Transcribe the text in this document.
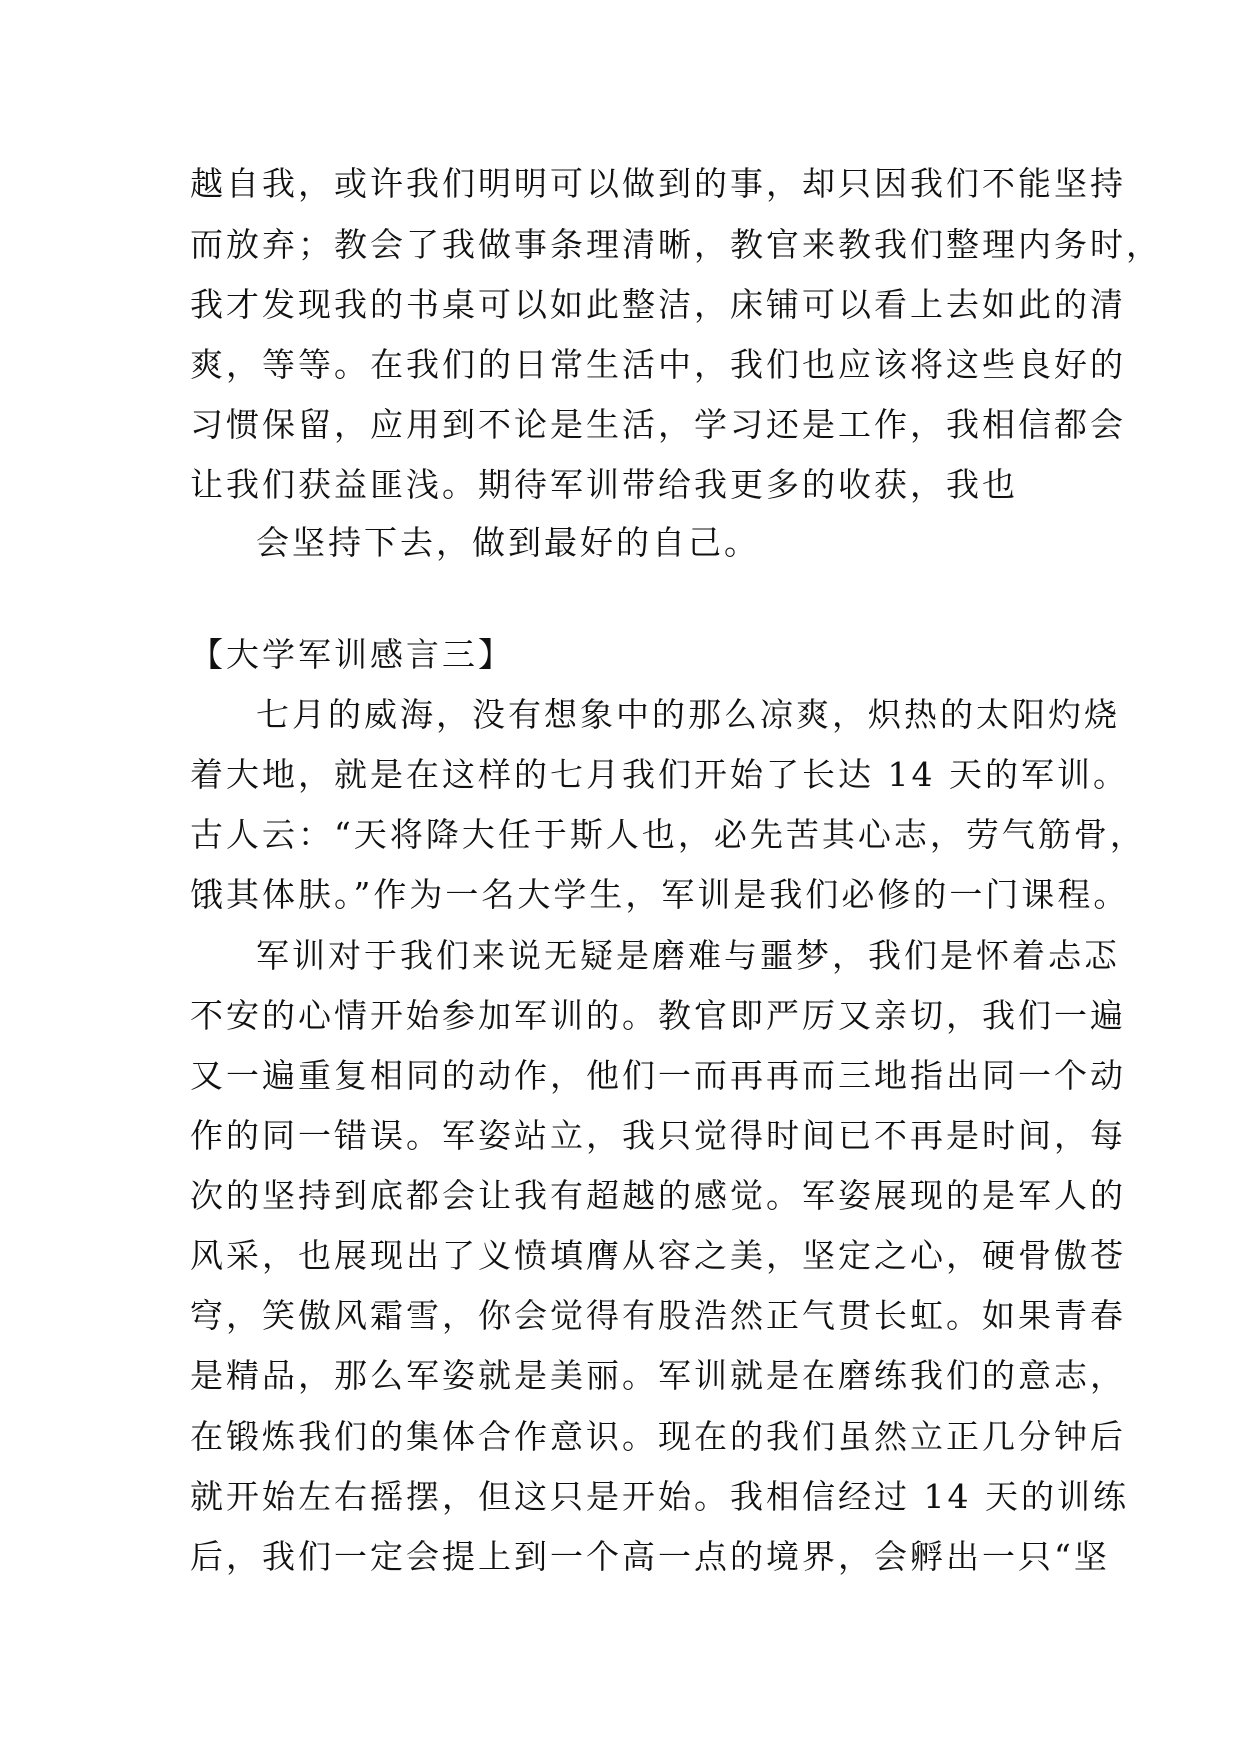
越自我，或许我们明明可以做到的事，却只因我们不能坚持
而放弃；教会了我做事条理清晰，教官来教我们整理内务时，
我才发现我的书桌可以如此整洁，床铺可以看上去如此的清
爽，等等。在我们的日常生活中，我们也应该将这些良好的
习惯保留，应用到不论是生活，学习还是工作，我相信都会
让我们获益匪浅。期待军训带给我更多的收获，我也
会坚持下去，做到最好的自己。
【大学军训感言三】
七月的威海，没有想象中的那么凉爽，炽热的太阳灼烧
着大地，就是在这样的七月我们开始了长达 14 天的军训。
古人云：“天将降大任于斯人也，必先苦其心志，劳气筋骨，
饿其体肤。”作为一名大学生，军训是我们必修的一门课程。
军训对于我们来说无疑是磨难与噩梦，我们是怀着忐忑
不安的心情开始参加军训的。教官即严厉又亲切，我们一遍
又一遍重复相同的动作，他们一而再再而三地指出同一个动
作的同一错误。军姿站立，我只觉得时间已不再是时间，每
次的坚持到底都会让我有超越的感觉。军姿展现的是军人的
风采，也展现出了义愤填膺从容之美，坚定之心，硬骨傲苍
穹，笑傲风霜雪，你会觉得有股浩然正气贯长虹。如果青春
是精品，那么军姿就是美丽。军训就是在磨练我们的意志，
在锻炼我们的集体合作意识。现在的我们虽然立正几分钟后
就开始左右摇摆，但这只是开始。我相信经过 14 天的训练
后，我们一定会提上到一个高一点的境界，会孵出一只“坚
